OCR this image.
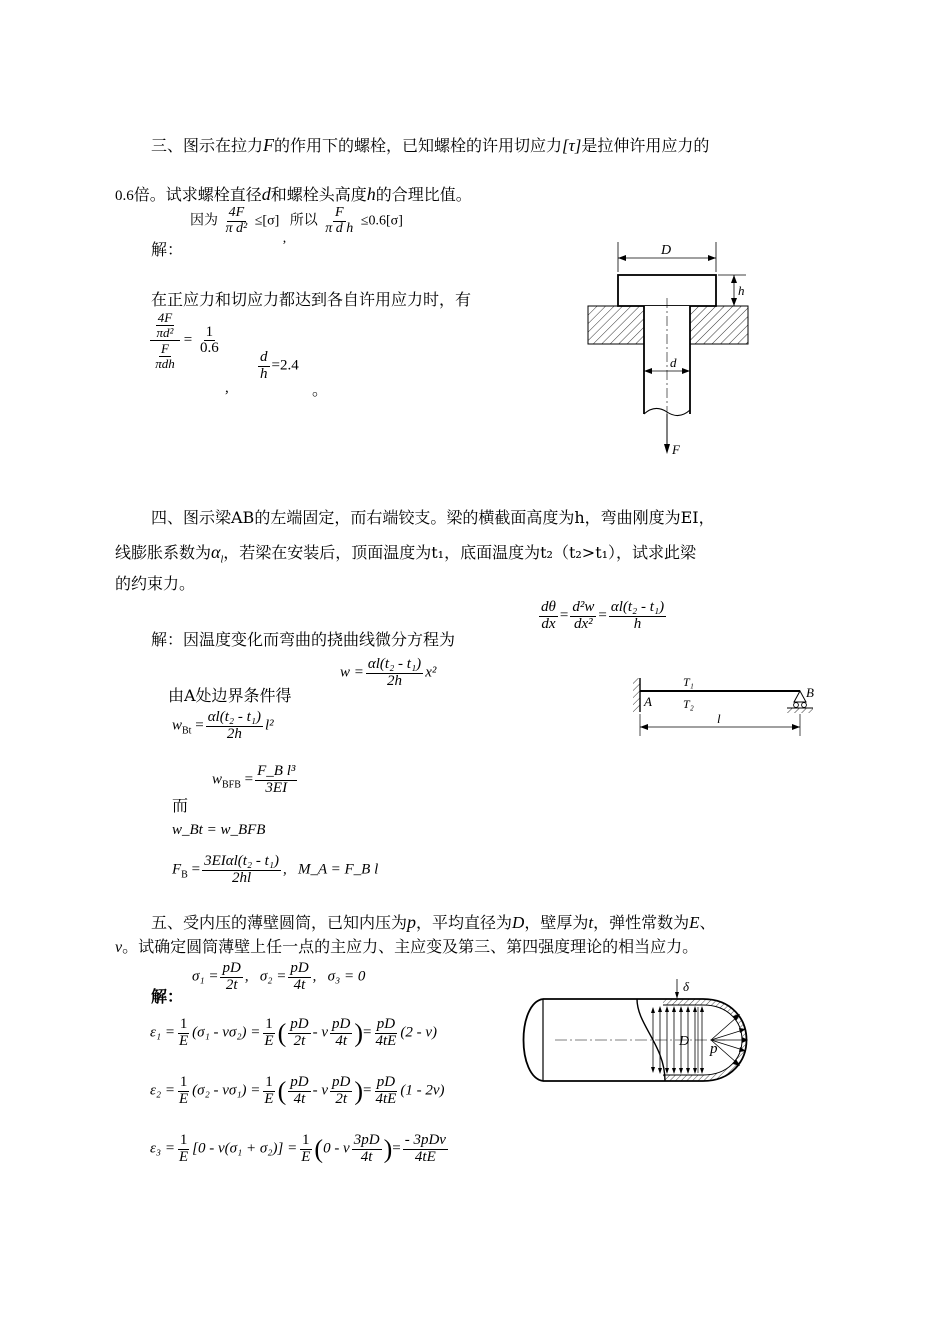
三、图示在拉力F的作用下的螺栓，已知螺栓的许用切应力[τ]是拉伸许用应力的
0.6倍。试求螺栓直径d和螺栓头高度h的合理比值。
解：
因为 $\frac{4F}{\text{π d²}} \le[\sigma]$ , 所以 $\frac{F}{\text{π d h}} \le 0.6[\sigma]$
在正应力和切应力都达到各自许用应力时，有
$\frac{4F}{\text{πd²}}$
$\frac{F}{\text{πdh}}$
= $\frac{1}{0.6}$
,
$\frac{d}{h} =2.4$
。
D
h
d
F
四、图示梁AB的左端固定，而右端铰支。梁的横截面高度为h，弯曲刚度为EI，
线膨胀系数为$\alpha_l$，若梁在安装后，顶面温度为t₁，底面温度为t₂（t₂>t₁），试求此梁
的约束力。
解：因温度变化而弯曲的挠曲线微分方程为
$\frac{d\theta}{dx} = \frac{\text{d²w}}{\text{dx²}} = \frac{\text{αl(t₂ - t₁)}}{h}$
由A处边界条件得
$w = \frac{\text{αl(t₂ - t₁)}}{2h} x^2$
$w_{Bt} = \frac{\text{αl(t₂ - t₁)}}{2h} l^2$
$w_{BFB} = \frac{\text{F\_B l³}}{3EI}$
而
w_Bt = w_BFB
$F_B = \frac{\text{3EIαl(t₂ - t₁)}}{2hl}$ ,   M_A = F_B l
T₁
T₂
A
B
l
五、受内压的薄壁圆筒，已知内压为p，平均直径为D，壁厚为t，弹性常数为E、
ν。试确定圆筒薄壁上任一点的主应力、主应变及第三、第四强度理论的相当应力。
解：
$\sigma_1 = \frac{pD}{2t}$ ,   $\sigma_2 = \frac{pD}{4t}$ ,   σ₃ = 0
$\varepsilon_1 = \frac{1}{E} (\sigma_1 - \nu\sigma_2) = \frac{1}{E}$ ( $\frac{pD}{2t}$ - ν $\frac{pD}{4t}$ )= $\frac{pD}{4tE} (2 - \nu)$
$\varepsilon_2 = \frac{1}{E} (\sigma_2 - \nu\sigma_1) = \frac{1}{E}$ ( $\frac{pD}{4t}$ - ν $\frac{pD}{2t}$ )= $\frac{pD}{4tE} (1 - 2\nu)$
$\varepsilon_3 = \frac{1}{E} [0 - \nu(\sigma_1 + \sigma_2)] = \frac{1}{E} (0 - \nu \frac{3pD}{4t}$ )= $\frac{\text{- 3pDν}}{4tE}$
D p
δ
